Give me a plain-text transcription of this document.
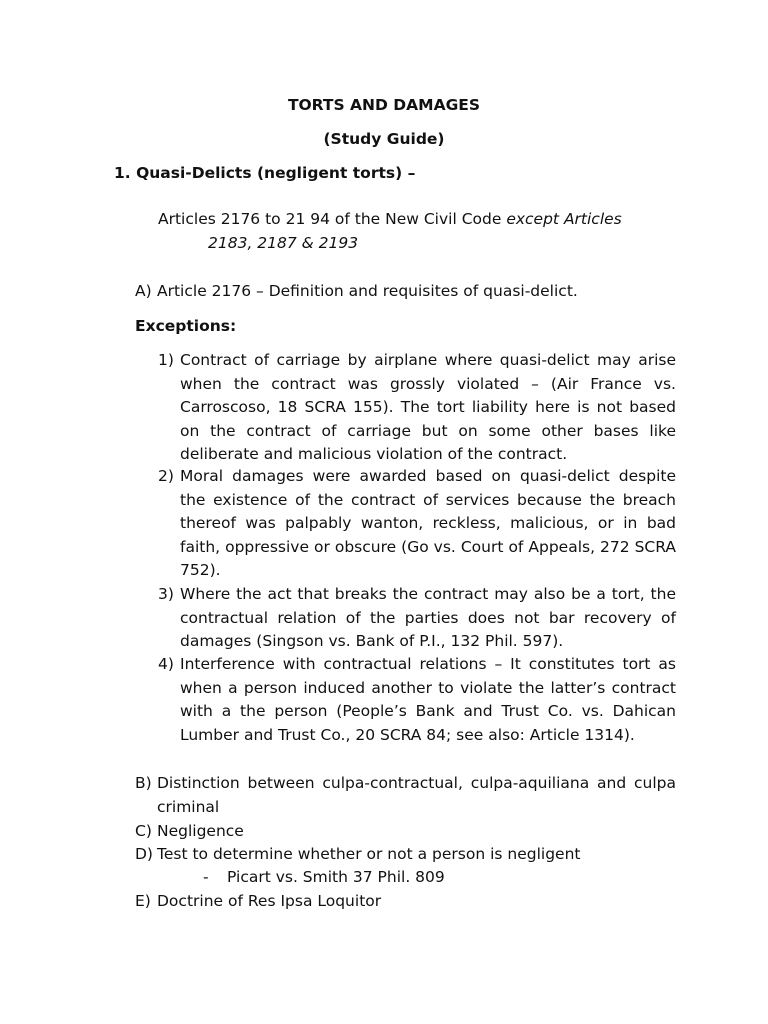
TORTS AND DAMAGES
(Study Guide)
1. Quasi-Delicts (negligent torts) –
Articles 2176 to 21 94 of the New Civil Code except Articles
2183, 2187 & 2193
A) Article 2176 – Definition and requisites of quasi-delict.
Exceptions:
1) Contract of carriage by airplane where quasi-delict may arise when the contract was grossly violated – (Air France vs. Carroscoso, 18 SCRA 155). The tort liability here is not based on the contract of carriage but on some other bases like deliberate and malicious violation of the contract.
2) Moral damages were awarded based on quasi-delict despite the existence of the contract of services because the breach thereof was palpably wanton, reckless, malicious, or in bad faith, oppressive or obscure (Go vs. Court of Appeals, 272 SCRA 752).
3) Where the act that breaks the contract may also be a tort, the contractual relation of the parties does not bar recovery of damages (Singson vs. Bank of P.I., 132 Phil. 597).
4) Interference with contractual relations – It constitutes tort as when a person induced another to violate the latter’s contract with a the person (People’s Bank and Trust Co. vs. Dahican Lumber and Trust Co., 20 SCRA 84; see also: Article 1314).
B) Distinction between culpa-contractual, culpa-aquiliana and culpa criminal
C) Negligence
D) Test to determine whether or not a person is negligent
-	Picart vs. Smith 37 Phil. 809
E) Doctrine of Res Ipsa Loquitor
